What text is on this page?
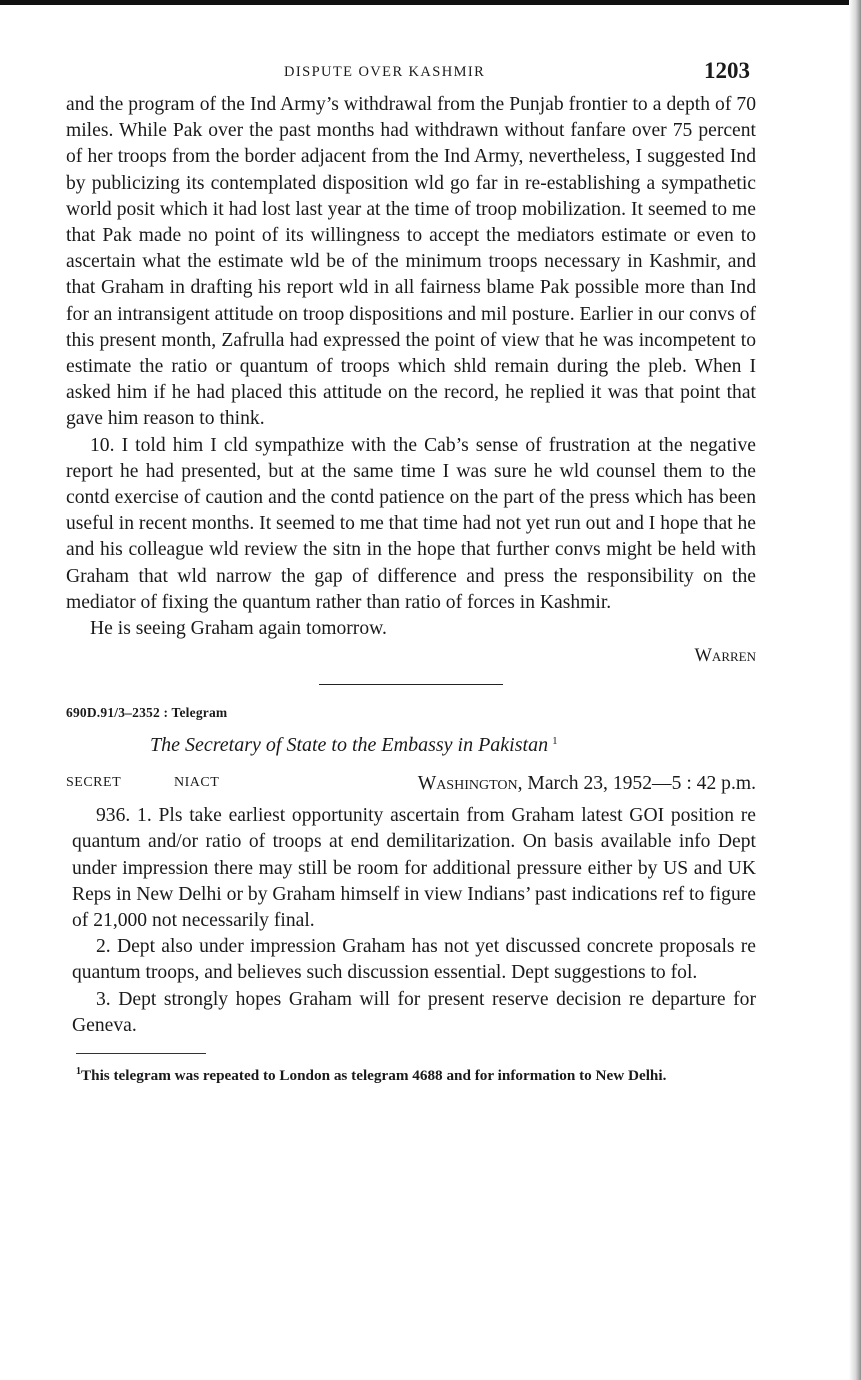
DISPUTE OVER KASHMIR	1203

and the program of the Ind Army’s withdrawal from the Punjab frontier to a depth of 70 miles. While Pak over the past months had withdrawn without fanfare over 75 percent of her troops from the border adjacent from the Ind Army, nevertheless, I suggested Ind by publicizing its contemplated disposition wld go far in re-establishing a sympathetic world posit which it had lost last year at the time of troop mobilization. It seemed to me that Pak made no point of its willingness to accept the mediators estimate or even to ascertain what the estimate wld be of the minimum troops necessary in Kashmir, and that Graham in drafting his report wld in all fairness blame Pak possible more than Ind for an intransigent attitude on troop dispositions and mil posture. Earlier in our convs of this present month, Zafrulla had expressed the point of view that he was incompetent to estimate the ratio or quantum of troops which shld remain during the pleb. When I asked him if he had placed this attitude on the record, he replied it was that point that gave him reason to think.

10. I told him I cld sympathize with the Cab’s sense of frustration at the negative report he had presented, but at the same time I was sure he wld counsel them to the contd exercise of caution and the contd patience on the part of the press which has been useful in recent months. It seemed to me that time had not yet run out and I hope that he and his colleague wld review the sitn in the hope that further convs might be held with Graham that wld narrow the gap of difference and press the responsibility on the mediator of fixing the quantum rather than ratio of forces in Kashmir.

He is seeing Graham again tomorrow.

Warren
690D.91/3–2352 : Telegram
The Secretary of State to the Embassy in Pakistan $^1$
SECRET	NIACT	Washington, March 23, 1952—5 : 42 p.m.

936. 1. Pls take earliest opportunity ascertain from Graham latest GOI position re quantum and/or ratio of troops at end demilitarization. On basis available info Dept under impression there may still be room for additional pressure either by US and UK Reps in New Delhi or by Graham himself in view Indians’ past indications ref to figure of 21,000 not necessarily final.

2. Dept also under impression Graham has not yet discussed concrete proposals re quantum troops, and believes such discussion essential. Dept suggestions to fol.

3. Dept strongly hopes Graham will for present reserve decision re departure for Geneva.

$^1$This telegram was repeated to London as telegram 4688 and for information to New Delhi.
